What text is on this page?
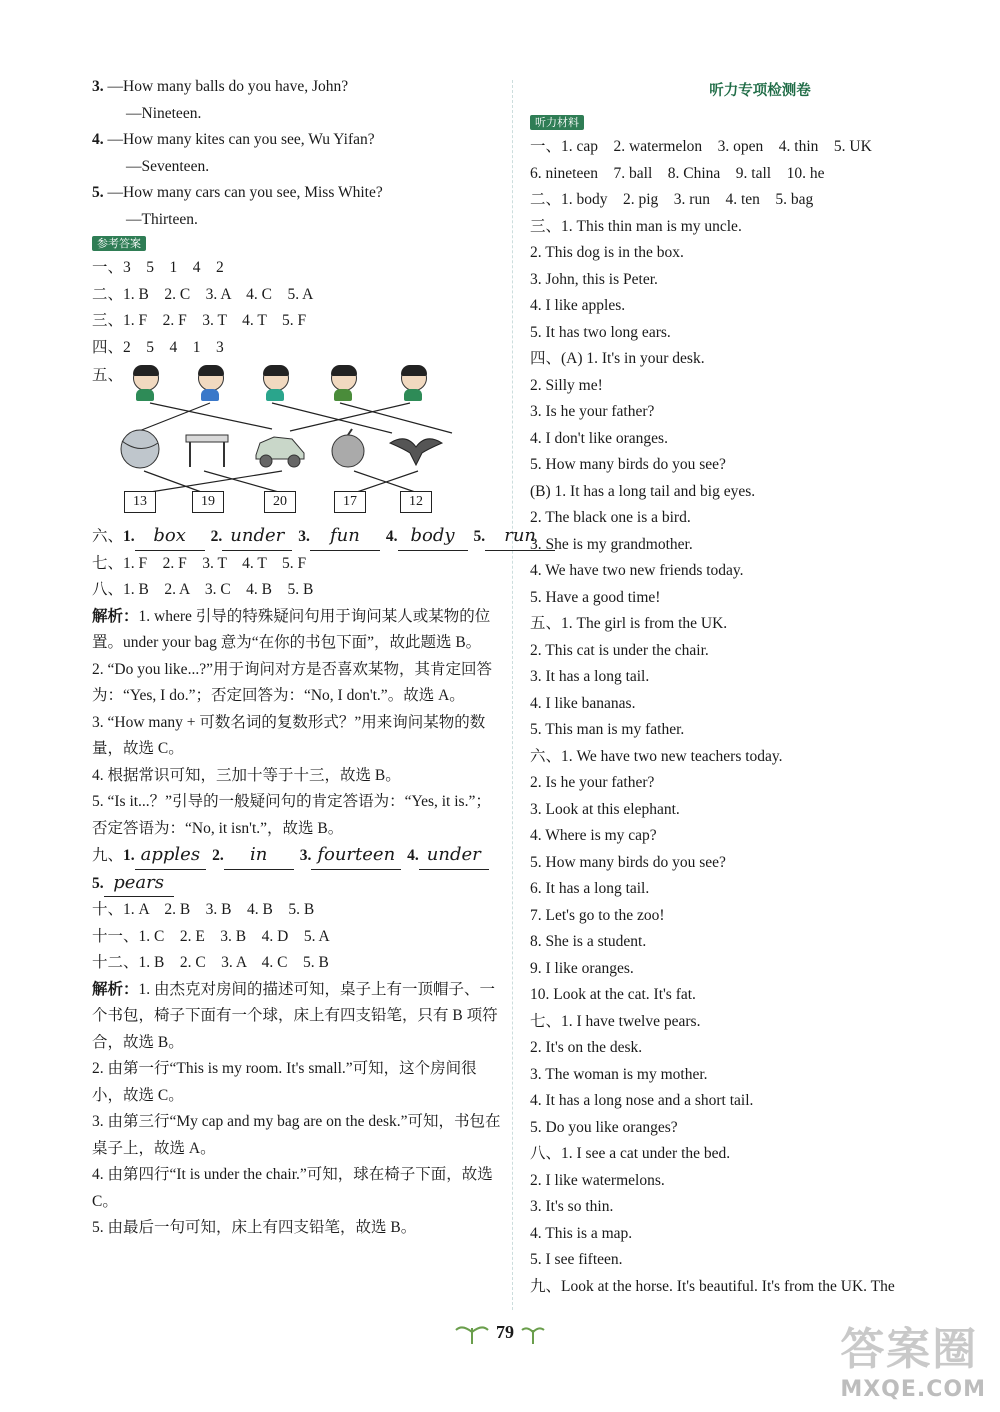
3. —How many balls do you have, John?
—Nineteen.
4. —How many kites can you see, Wu Yifan?
—Seventeen.
5. —How many cars can you see, Miss White?
—Thirteen.
参考答案
一、3　5　1　4　2
二、1. B　2. C　3. A　4. C　5. A
三、1. F　2. F　3. T　4. T　5. F
四、2　5　4　1　3
五、
13	19	20	17	12
六、1. box 2. under 3. fun 4. body 5. run
七、1. F　2. F　3. T　4. T　5. F
八、1. B　2. A　3. C　4. B　5. B
解析：1. where 引导的特殊疑问句用于询问某人或某物的位置。under your bag 意为“在你的书包下面”，故此题选 B。
2. “Do you like...?”用于询问对方是否喜欢某物，其肯定回答为：“Yes, I do.”；否定回答为：“No, I don't.”。故选 A。
3. “How many + 可数名词的复数形式？”用来询问某物的数量，故选 C。
4. 根据常识可知，三加十等于十三，故选 B。
5. “Is it...？”引导的一般疑问句的肯定答语为：“Yes, it is.”；否定答语为：“No, it isn't.”，故选 B。
九、1. apples 2. in 3. fourteen 4. under
5. pears
十、1. A　2. B　3. B　4. B　5. B
十一、1. C　2. E　3. B　4. D　5. A
十二、1. B　2. C　3. A　4. C　5. B
解析：1. 由杰克对房间的描述可知，桌子上有一顶帽子、一个书包，椅子下面有一个球，床上有四支铅笔，只有 B 项符合，故选 B。
2. 由第一行“This is my room. It's small.”可知，这个房间很小，故选 C。
3. 由第三行“My cap and my bag are on the desk.”可知，书包在桌子上，故选 A。
4. 由第四行“It is under the chair.”可知，球在椅子下面，故选 C。
5. 由最后一句可知，床上有四支铅笔，故选 B。
听力专项检测卷
听力材料
一、1. cap　2. watermelon　3. open　4. thin　5. UK
6. nineteen　7. ball　8. China　9. tall　10. he
二、1. body　2. pig　3. run　4. ten　5. bag
三、1. This thin man is my uncle.
2. This dog is in the box.
3. John, this is Peter.
4. I like apples.
5. It has two long ears.
四、(A) 1. It's in your desk.
2. Silly me!
3. Is he your father?
4. I don't like oranges.
5. How many birds do you see?
(B) 1. It has a long tail and big eyes.
2. The black one is a bird.
3. She is my grandmother.
4. We have two new friends today.
5. Have a good time!
五、1. The girl is from the UK.
2. This cat is under the chair.
3. It has a long tail.
4. I like bananas.
5. This man is my father.
六、1. We have two new teachers today.
2. Is he your father?
3. Look at this elephant.
4. Where is my cap?
5. How many birds do you see?
6. It has a long tail.
7. Let's go to the zoo!
8. She is a student.
9. I like oranges.
10. Look at the cat. It's fat.
七、1. I have twelve pears.
2. It's on the desk.
3. The woman is my mother.
4. It has a long nose and a short tail.
5. Do you like oranges?
八、1. I see a cat under the bed.
2. I like watermelons.
3. It's so thin.
4. This is a map.
5. I see fifteen.
九、Look at the horse. It's beautiful. It's from the UK. The
79	答案圈
MXQE.COM
